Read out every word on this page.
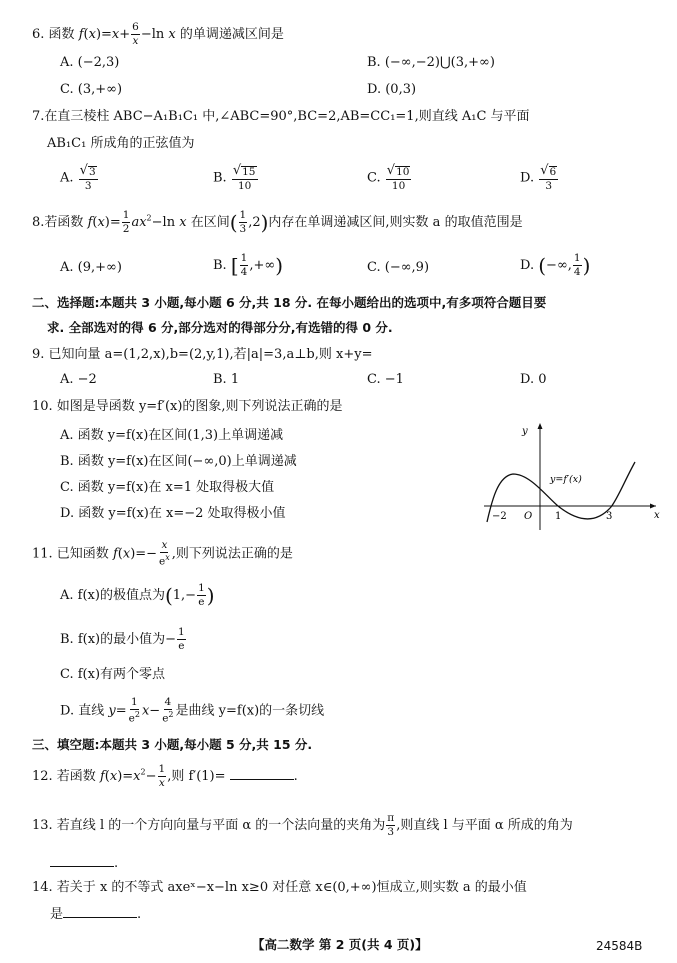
6. 函数 $f(x)=x+ \frac{6}{x} -\ln$ x 的单调递减区间是
A. (−2,3)	B. (−∞,−2)⋃(3,+∞)
C. (3,+∞)	D. (0,3)
7.在直三棱柱 ABC−A₁B₁C₁ 中,∠ABC=90°,BC=2,AB=CC₁=1,则直线 A₁C 与平面
AB₁C₁ 所成角的正弦值为
A. $\frac{√ 3}{3}$	B. $\frac{√ 15}{10}$	C. $\frac{√ 10}{10}$	D. $\frac{√ 6}{3}$
8.若函数 $f(x)= \frac{1}{2} ax^2-\ln$ x 在区间( $\frac{1}{3} ,2$)内存在单调递减区间,则实数 a 的取值范围是
A. (9,+∞)	B. [ $\frac{1}{4}$ ,+∞)	C. (−∞,9)	D. (−∞, $\frac{1}{4}$ )
二、选择题:本题共 3 小题,每小题 6 分,共 18 分. 在每小题给出的选项中,有多项符合题目要
求. 全部选对的得 6 分,部分选对的得部分分,有选错的得 0 分.
9. 已知向量 a=(1,2,x),b=(2,y,1),若|a|=3,a⊥b,则 x+y=
A. −2	B. 1	C. −1	D. 0
10. 如图是导函数 y=f′(x)的图象,则下列说法正确的是
A. 函数 y=f(x)在区间(1,3)上单调递减
B. 函数 y=f(x)在区间(−∞,0)上单调递减
C. 函数 y=f(x)在 x=1 处取得极大值
D. 函数 y=f(x)在 x=−2 处取得极小值
y
x
y=f′(x)
O
−2	1	3
11. 已知函数 $f(x)=- \frac{x}{e^x}$ ,则下列说法正确的是
A. f(x)的极值点为($1,- \frac{1}{e}$ )
B. f(x)的最小值为− $\frac{1}{e}$
C. f(x)有两个零点
D. 直线 $y= \frac{1}{e^2} x- \frac{4}{e^2}$ 是曲线 y=f(x)的一条切线
三、填空题:本题共 3 小题,每小题 5 分,共 15 分.
12. 若函数 $f(x)=x^2- \frac{1}{x}$ ,则 f′(1)=	.
13. 若直线 l 的一个方向向量与平面 α 的一个法向量的夹角为 $\frac{\pi}{3}$ ,则直线 l 与平面 α 所成的角为
.
14. 若关于 x 的不等式 axeˣ−x−ln x≥0 对任意 x∈(0,+∞)恒成立,则实数 a 的最小值
是	.
【高二数学 第 2 页(共 4 页)】	24584B
